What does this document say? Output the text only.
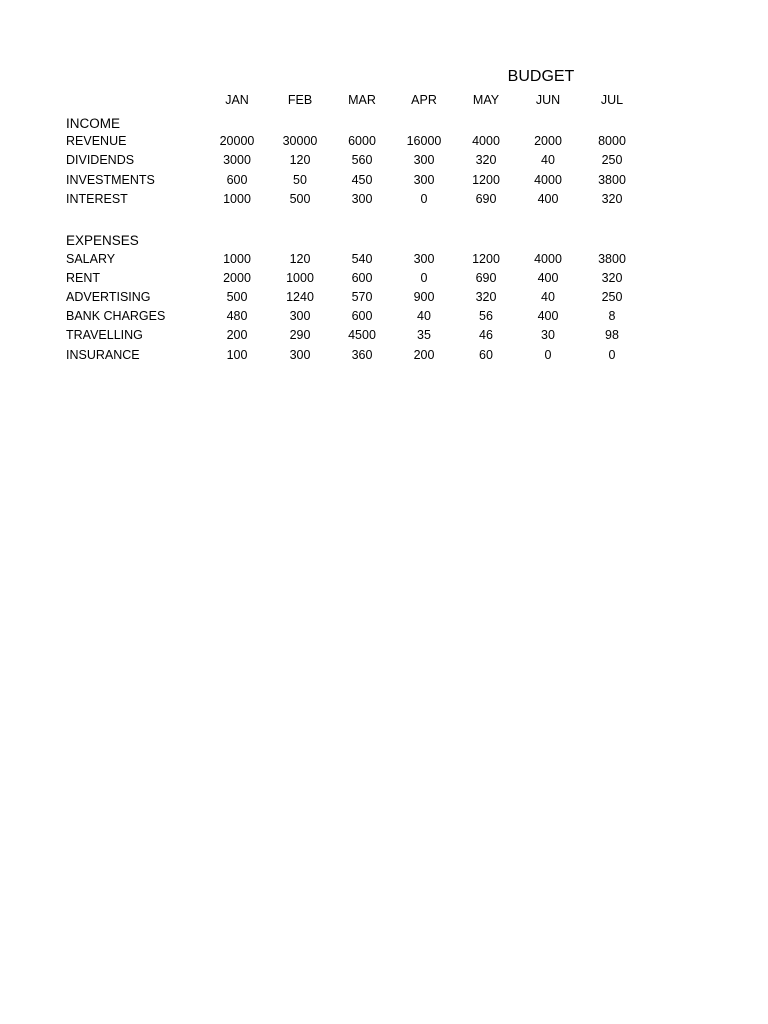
BUDGET
JAN	FEB	MAR	APR	MAY	JUN	JUL
INCOME
REVENUE	20000	30000	6000	16000	4000	2000	8000
DIVIDENDS	3000	120	560	300	320	40	250
INVESTMENTS	600	50	450	300	1200	4000	3800
INTEREST	1000	500	300	0	690	400	320
EXPENSES
SALARY	1000	120	540	300	1200	4000	3800
RENT	2000	1000	600	0	690	400	320
ADVERTISING	500	1240	570	900	320	40	250
BANK CHARGES	480	300	600	40	56	400	8
TRAVELLING	200	290	4500	35	46	30	98
INSURANCE	100	300	360	200	60	0	0
